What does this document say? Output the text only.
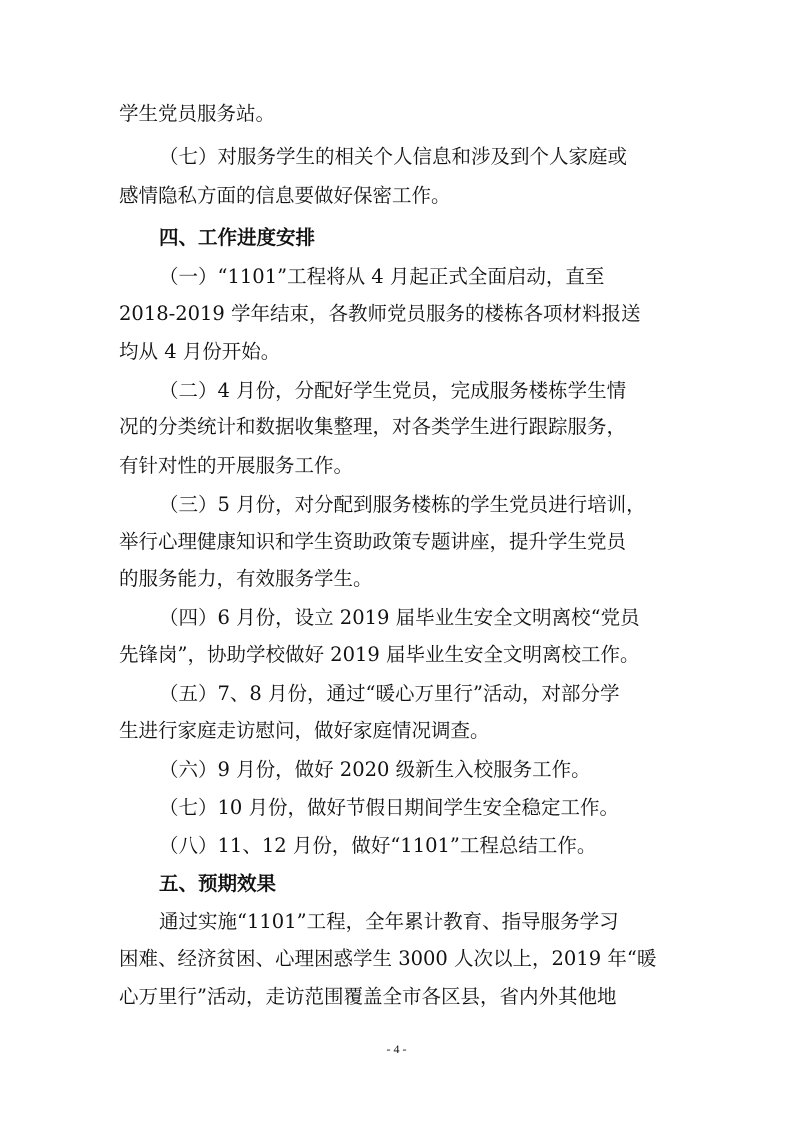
学生党员服务站。
（七）对服务学生的相关个人信息和涉及到个人家庭或
感情隐私方面的信息要做好保密工作。
四、工作进度安排
（一）“1101”工程将从 4 月起正式全面启动，直至
2018-2019 学年结束，各教师党员服务的楼栋各项材料报送
均从 4 月份开始。
（二）4 月份，分配好学生党员，完成服务楼栋学生情
况的分类统计和数据收集整理，对各类学生进行跟踪服务，
有针对性的开展服务工作。
（三）5 月份，对分配到服务楼栋的学生党员进行培训，
举行心理健康知识和学生资助政策专题讲座，提升学生党员
的服务能力，有效服务学生。
（四）6 月份，设立 2019 届毕业生安全文明离校“党员
先锋岗”，协助学校做好 2019 届毕业生安全文明离校工作。
（五）7、8 月份，通过“暖心万里行”活动，对部分学
生进行家庭走访慰问，做好家庭情况调查。
（六）9 月份，做好 2020 级新生入校服务工作。
（七）10 月份，做好节假日期间学生安全稳定工作。
（八）11、12 月份，做好“1101”工程总结工作。
五、预期效果
通过实施“1101”工程，全年累计教育、指导服务学习
困难、经济贫困、心理困惑学生 3000 人次以上，2019 年“暖
心万里行”活动，走访范围覆盖全市各区县，省内外其他地
- 4 -
